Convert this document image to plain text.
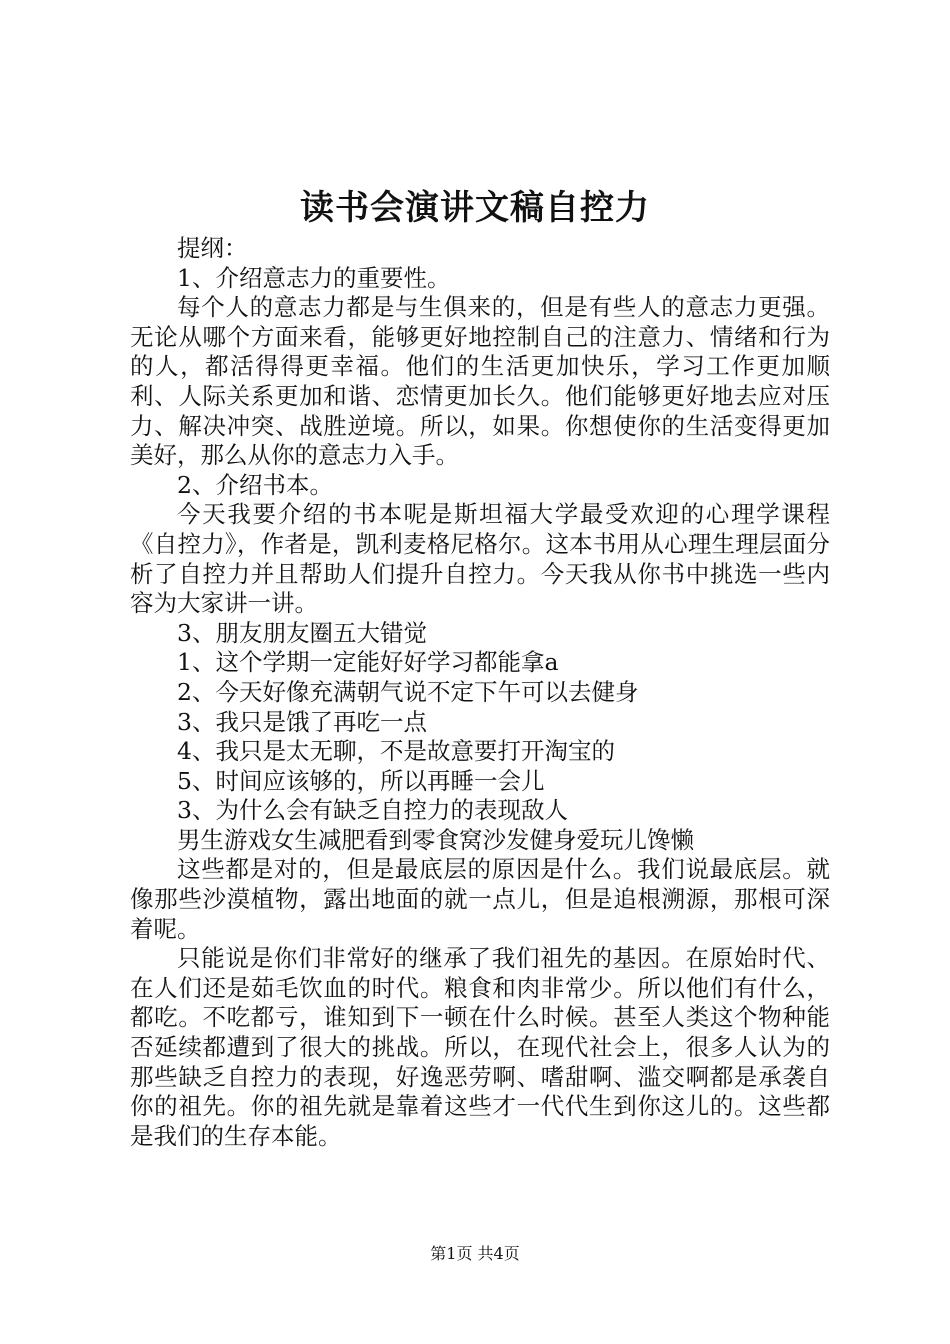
读书会演讲文稿自控力

提纲：

1、介绍意志力的重要性。

每个人的意志力都是与生俱来的，但是有些人的意志力更强。无论从哪个方面来看，能够更好地控制自己的注意力、情绪和行为的人，都活得得更幸福。他们的生活更加快乐，学习工作更加顺利、人际关系更加和谐、恋情更加长久。他们能够更好地去应对压力、解决冲突、战胜逆境。所以，如果。你想使你的生活变得更加美好，那么从你的意志力入手。

2、介绍书本。

今天我要介绍的书本呢是斯坦福大学最受欢迎的心理学课程《自控力》，作者是，凯利麦格尼格尔。这本书用从心理生理层面分析了自控力并且帮助人们提升自控力。今天我从你书中挑选一些内容为大家讲一讲。

3、朋友朋友圈五大错觉

1、这个学期一定能好好学习都能拿a

2、今天好像充满朝气说不定下午可以去健身

3、我只是饿了再吃一点

4、我只是太无聊，不是故意要打开淘宝的

5、时间应该够的，所以再睡一会儿

3、为什么会有缺乏自控力的表现敌人

男生游戏女生减肥看到零食窝沙发健身爱玩儿馋懒

这些都是对的，但是最底层的原因是什么。我们说最底层。就像那些沙漠植物，露出地面的就一点儿，但是追根溯源，那根可深着呢。

只能说是你们非常好的继承了我们祖先的基因。在原始时代、在人们还是茹毛饮血的时代。粮食和肉非常少。所以他们有什么，都吃。不吃都亏，谁知到下一顿在什么时候。甚至人类这个物种能否延续都遭到了很大的挑战。所以，在现代社会上，很多人认为的那些缺乏自控力的表现，好逸恶劳啊、嗜甜啊、滥交啊都是承袭自你的祖先。你的祖先就是靠着这些才一代代生到你这儿的。这些都是我们的生存本能。

第1页 共4页
